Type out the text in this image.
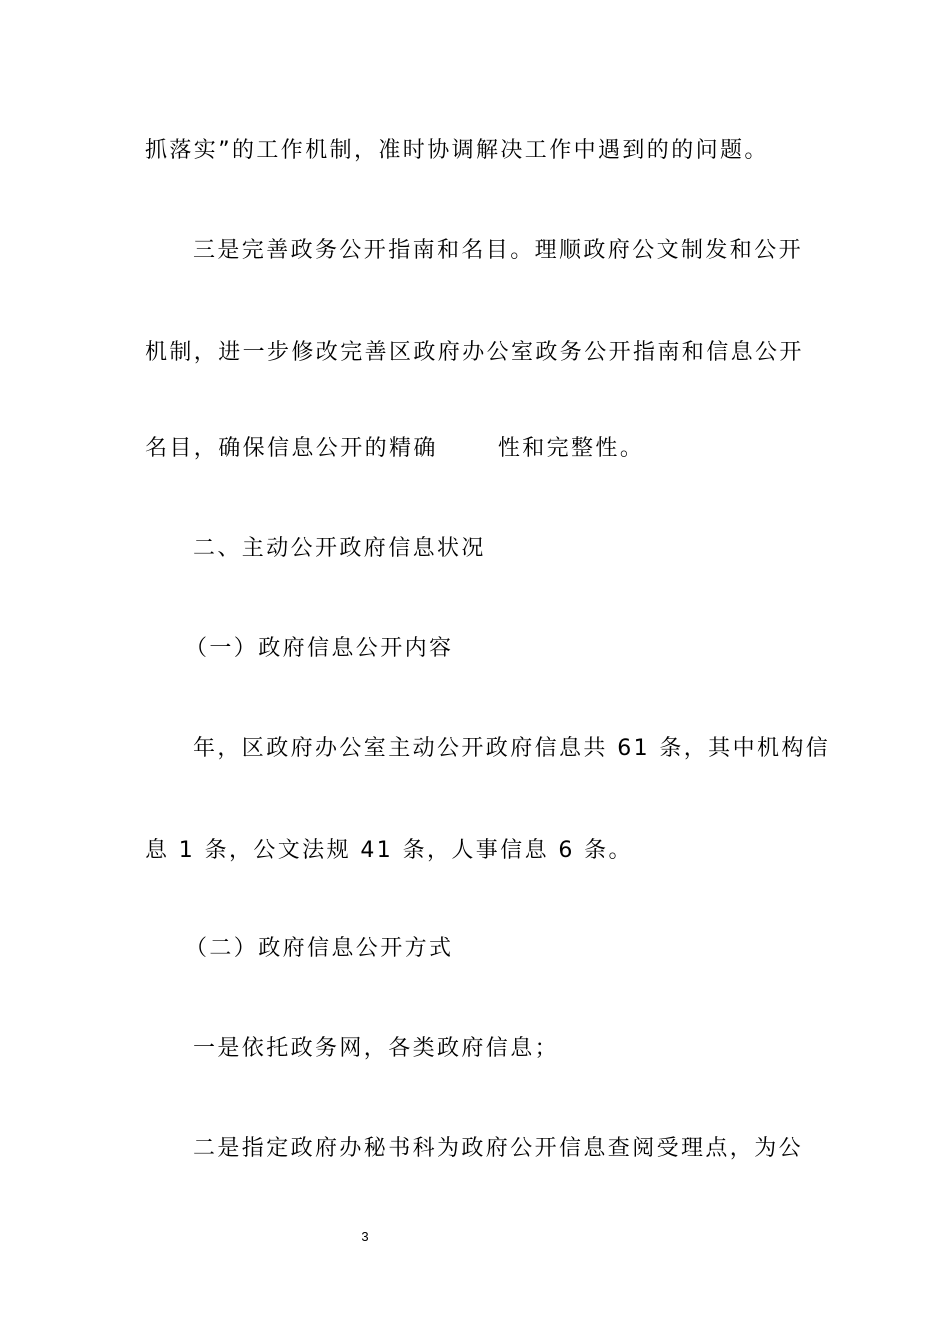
抓落实”的工作机制，准时协调解决工作中遇到的的问题。
三是完善政务公开指南和名目。理顺政府公文制发和公开
机制，进一步修改完善区政府办公室政务公开指南和信息公开
名目，确保信息公开的精确	性和完整性。
二、主动公开政府信息状况
（一）政府信息公开内容
年，区政府办公室主动公开政府信息共 61 条，其中机构信
息 1 条，公文法规 41 条，人事信息 6 条。
（二）政府信息公开方式
一是依托政务网，各类政府信息；
二是指定政府办秘书科为政府公开信息查阅受理点，为公
3
